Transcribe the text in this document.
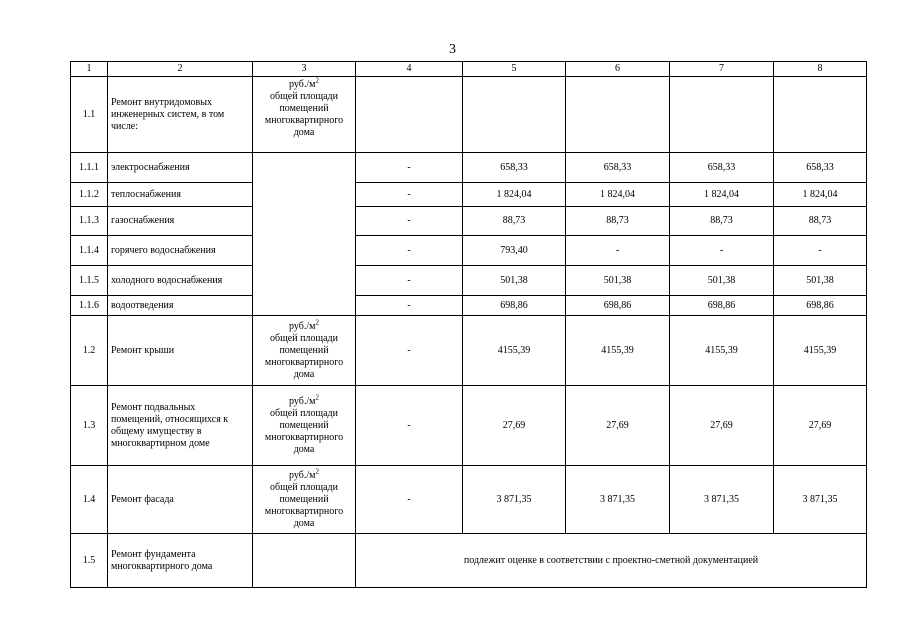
3
1	2	3	4	5	6	7	8
1.1	Ремонт внутридомовых инженерных систем, в том числе:	$руб./м^2$
общей площади помещений многоквартирного дома					
1.1.1	электроснабжения		-	658,33	658,33	658,33	658,33
1.1.2	теплоснабжения		-	1 824,04	1 824,04	1 824,04	1 824,04
1.1.3	газоснабжения		-	88,73	88,73	88,73	88,73
1.1.4	горячего водоснабжения		-	793,40	-	-	-
1.1.5	холодного водоснабжения		-	501,38	501,38	501,38	501,38
1.1.6	водоотведения		-	698,86	698,86	698,86	698,86
1.2	Ремонт крыши	$руб./м^2$
общей площади помещений многоквартирного дома	-	4155,39	4155,39	4155,39	4155,39
1.3	Ремонт подвальных помещений, относящихся к общему имуществу в многоквартирном доме	$руб./м^2$
общей площади помещений многоквартирного дома	-	27,69	27,69	27,69	27,69
1.4	Ремонт фасада	$руб./м^2$
общей площади помещений многоквартирного дома	-	3 871,35	3 871,35	3 871,35	3 871,35
1.5	Ремонт фундамента многоквартирного дома		подлежит оценке в соответствии с проектно-сметной документацией				
